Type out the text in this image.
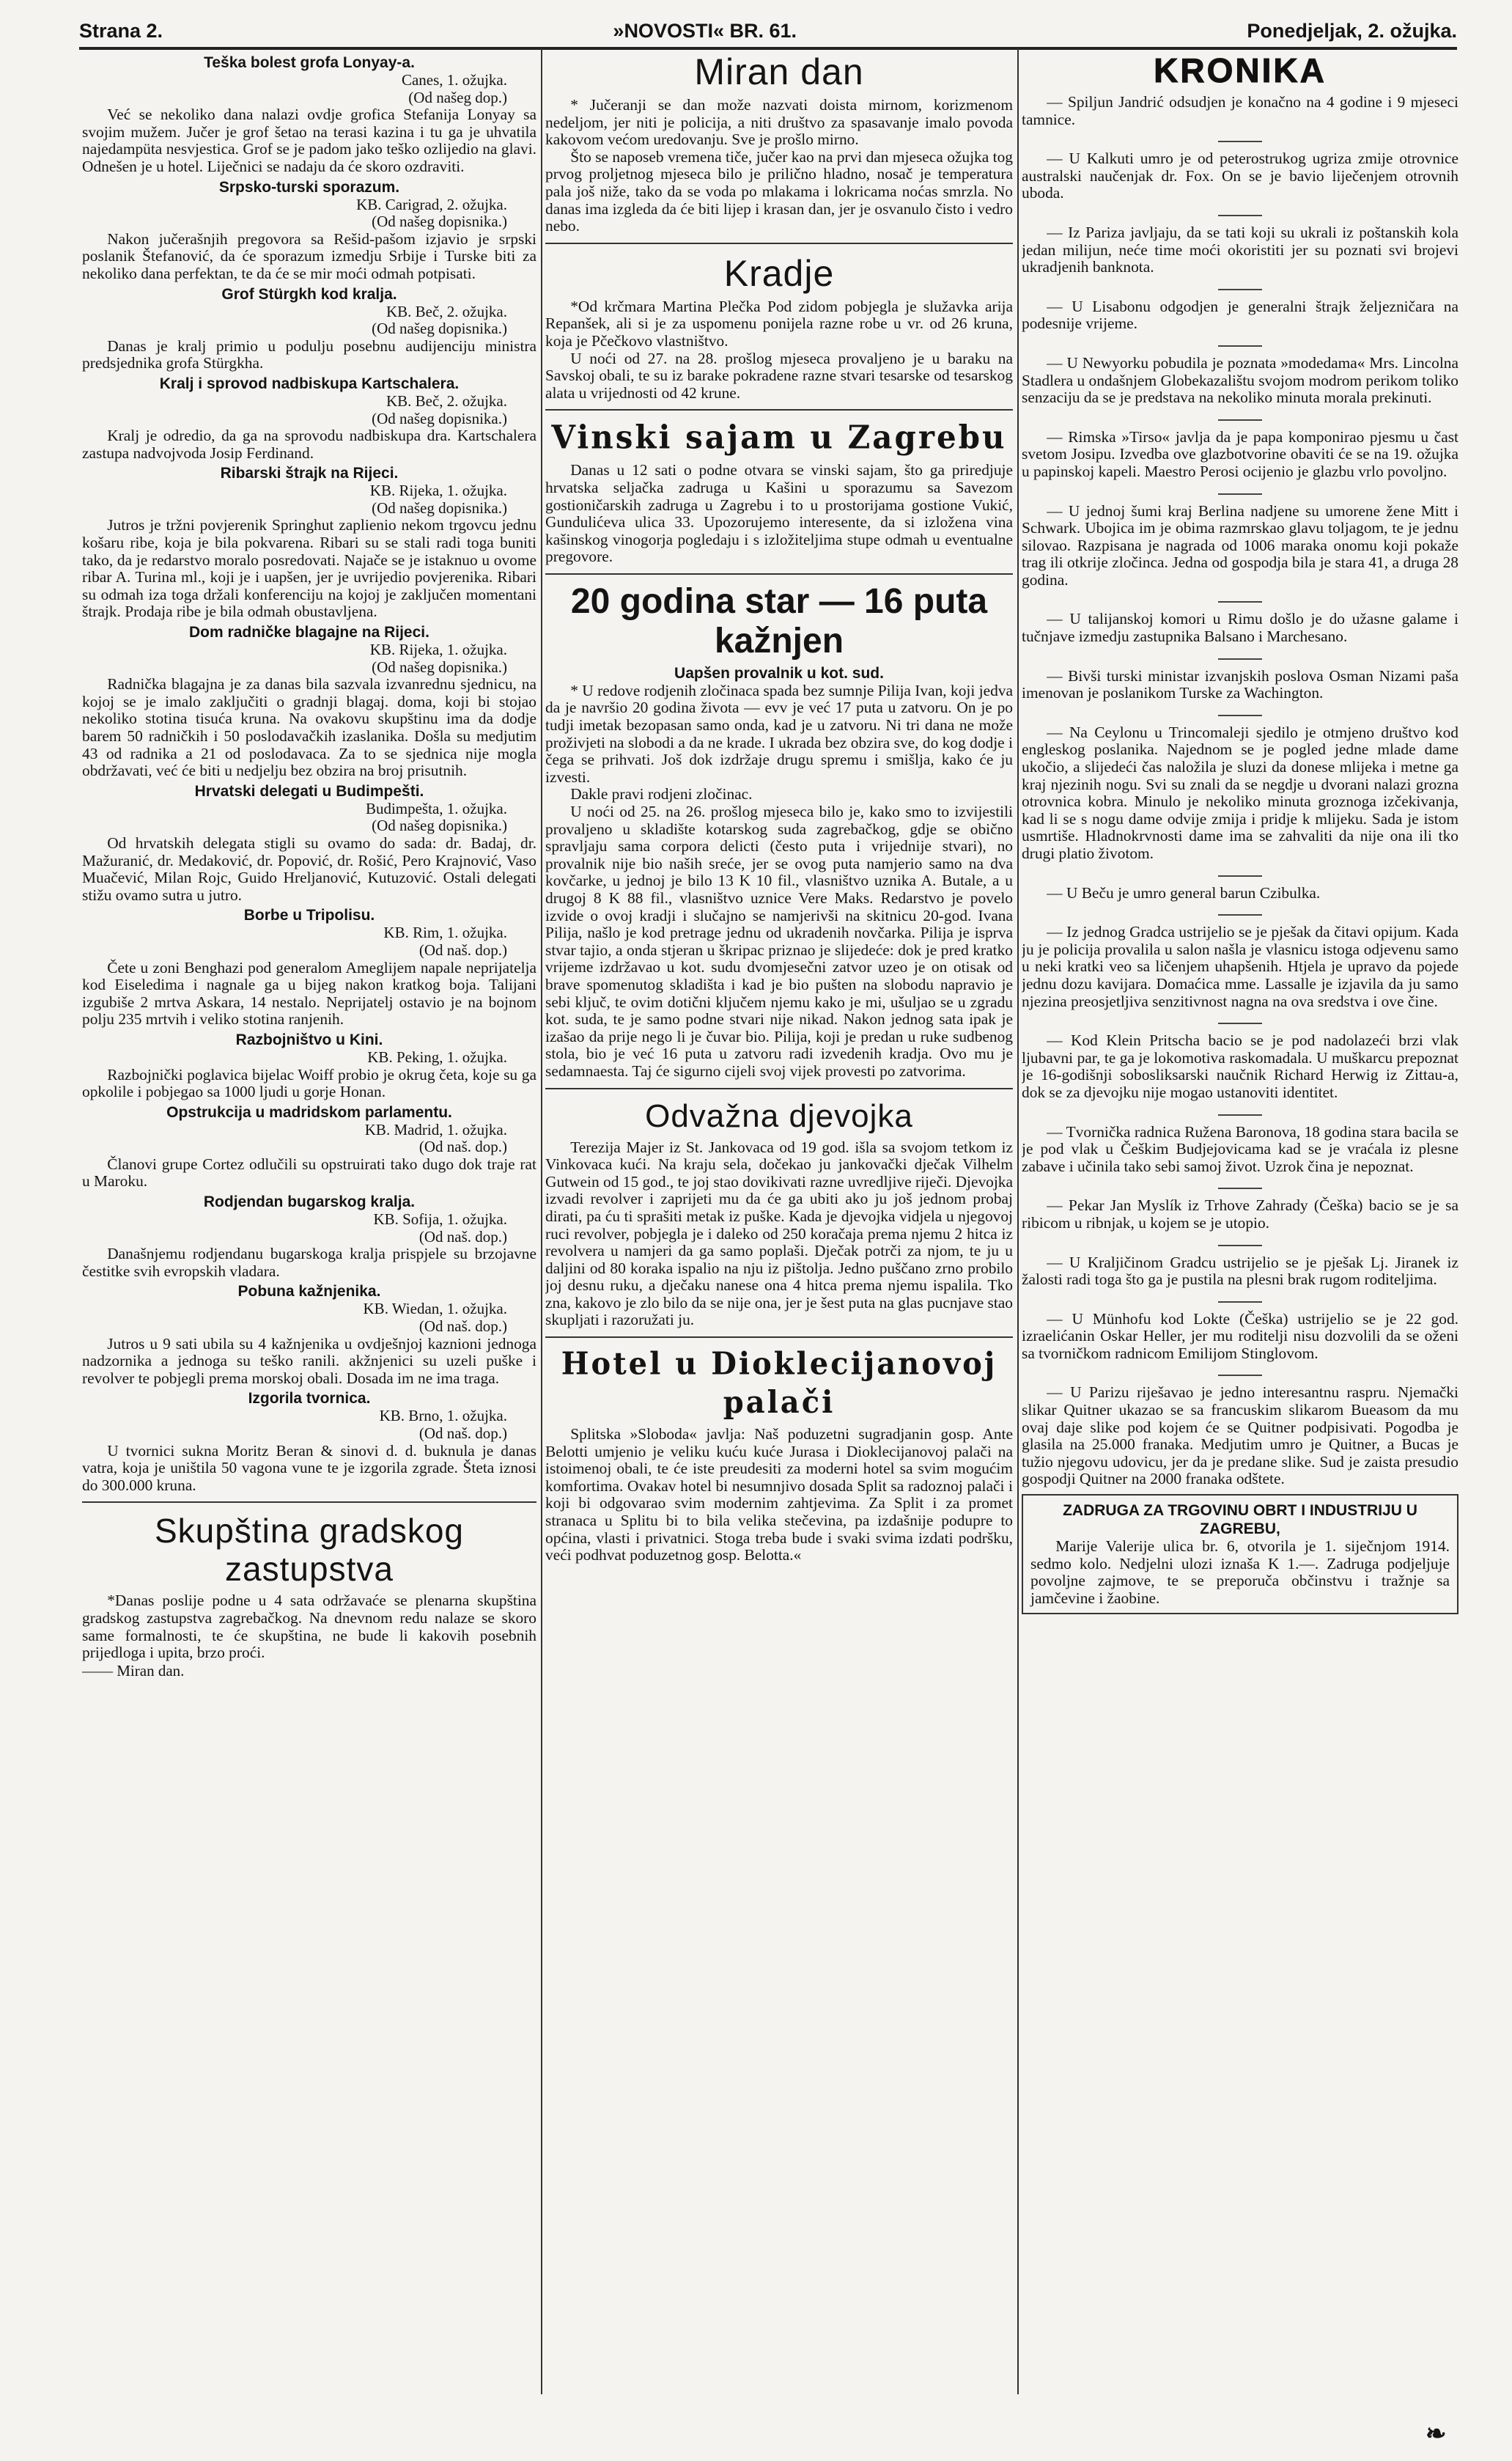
Strana 2.	»NOVOSTI« BR. 61.	Ponedjeljak, 2. ožujka.
Teška bolest grofa Lonyay-a.
Canes, 1. ožujka.
(Od našeg dop.)

Već se nekoliko dana nalazi ovdje grofica Stefanija Lonyay sa svojim mužem. Jučer je grof šetao na terasi kazina i tu ga je uhvatila najedampüta nesvjestica. Grof se je padom jako teško ozlijedio na glavi. Odnešen je u hotel. Liječnici se nadaju da će skoro ozdraviti.

Srpsko-turski sporazum.
KB. Carigrad, 2. ožujka.
(Od našeg dopisnika.)

Nakon jučerašnjih pregovora sa Rešid-pašom izjavio je srpski poslanik Štefanović, da će sporazum izmedju Srbije i Turske biti za nekoliko dana perfektan, te da će se mir moći odmah potpisati.

Grof Stürgkh kod kralja.
KB. Beč, 2. ožujka.
(Od našeg dopisnika.)

Danas je kralj primio u podulju posebnu audijenciju ministra predsjednika grofa Stürgkha.

Kralj i sprovod nadbiskupa Kartschalera.
KB. Beč, 2. ožujka.
(Od našeg dopisnika.)

Kralj je odredio, da ga na sprovodu nadbiskupa dra. Kartschalera zastupa nadvojvoda Josip Ferdinand.

Ribarski štrajk na Rijeci.
KB. Rijeka, 1. ožujka.
(Od našeg dopisnika.)

Jutros je tržni povjerenik Springhut zaplienio nekom trgovcu jednu košaru ribe, koja je bila pokvarena. Ribari su se stali radi toga buniti tako, da je redarstvo moralo posredovati. Najače se je istaknuo u ovome ribar A. Turina ml., koji je i uapšen, jer je uvrijedio povjerenika. Ribari su odmah iza toga držali konferenciju na kojoj je zaključen momentani štrajk. Prodaja ribe je bila odmah obustavljena.

Dom radničke blagajne na Rijeci.
KB. Rijeka, 1. ožujka.
(Od našeg dopisnika.)

Radnička blagajna je za danas bila sazvala izvanrednu sjednicu, na kojoj se je imalo zaključiti o gradnji blagaj. doma, koji bi stojao nekoliko stotina tisuća kruna. Na ovakovu skupštinu ima da dodje barem 50 radničkih i 50 poslodavačkih izaslanika. Došla su medjutim 43 od radnika a 21 od poslodavaca. Za to se sjednica nije mogla obdržavati, već će biti u nedjelju bez obzira na broj prisutnih.

Hrvatski delegati u Budimpešti.
Budimpešta, 1. ožujka.
(Od našeg dopisnika.)

Od hrvatskih delegata stigli su ovamo do sada: dr. Badaj, dr. Mažuranić, dr. Medaković, dr. Popović, dr. Rošić, Pero Krajnović, Vaso Muačević, Milan Rojc, Guido Hreljanović, Kutuzović. Ostali delegati stižu ovamo sutra u jutro.

Borbe u Tripolisu.
KB. Rim, 1. ožujka.
(Od naš. dop.)

Čete u zoni Benghazi pod generalom Ameglijem napale neprijatelja kod Eiseledima i nagnale ga u bijeg nakon kratkog boja. Talijani izgubiše 2 mrtva Askara, 14 nestalo. Neprijatelj ostavio je na bojnom polju 235 mrtvih i veliko stotina ranjenih.

Razbojništvo u Kini.
KB. Peking, 1. ožujka.

Razbojnički poglavica bijelac Woiff probio je okrug četa, koje su ga opkolile i pobjegao sa 1000 ljudi u gorje Honan.

Opstrukcija u madridskom parlamentu.
KB. Madrid, 1. ožujka.
(Od naš. dop.)

Članovi grupe Cortez odlučili su opstruirati tako dugo dok traje rat u Maroku.

Rodjendan bugarskog kralja.
KB. Sofija, 1. ožujka.
(Od naš. dop.)

Današnjemu rodjendanu bugarskoga kralja prispjele su brzojavne čestitke svih evropskih vladara.

Pobuna kažnjenika.
KB. Wiedan, 1. ožujka.
(Od naš. dop.)

Jutros u 9 sati ubila su 4 kažnjenika u ovdješnjoj kaznioni jednoga nadzornika a jednoga su teško ranili. akžnjenici su uzeli puške i revolver te pobjegli prema morskoj obali. Dosada im ne ima traga.

Izgorila tvornica.
KB. Brno, 1. ožujka.
(Od naš. dop.)

U tvornici sukna Moritz Beran & sinovi d. d. buknula je danas vatra, koja je uništila 50 vagona vune te je izgorila zgrade. Šteta iznosi do 300.000 kruna.

Skupština gradskog zastupstva

*Danas poslije podne u 4 sata održavaće se plenarna skupština gradskog zastupstva zagrebačkog. Na dnevnom redu nalaze se skoro same formalnosti, te će skupština, ne bude li kakovih posebnih prijedloga i upita, brzo proći.

—— Miran dan.
Miran dan

* Jučeranji se dan može nazvati doista mirnom, korizmenom nedeljom, jer niti je policija, a niti društvo za spasavanje imalo povoda kakovom većom uredovanju. Sve je prošlo mirno.

Što se naposeb vremena tiče, jučer kao na prvi dan mjeseca ožujka tog prvog proljetnog mjeseca bilo je prilično hladno, nosač je temperatura pala još niže, tako da se voda po mlakama i lokricama noćas smrzla. No danas ima izgleda da će biti lijep i krasan dan, jer je osvanulo čisto i vedro nebo.

Kradje

*Od krčmara Martina Plečka Pod zidom pobjegla je služavka arija Repanšek, ali si je za uspomenu ponijela razne robe u vr. od 26 kruna, koja je Pčečkovo vlastništvo.

U noći od 27. na 28. prošlog mjeseca provaljeno je u baraku na Savskoj obali, te su iz barake pokradene razne stvari tesarske od tesarskog alata u vrijednosti od 42 krune.

Vinski sajam u Zagrebu

Danas u 12 sati o podne otvara se vinski sajam, što ga priredjuje hrvatska seljačka zadruga u Kašini u sporazumu sa Savezom gostioničarskih zadruga u Zagrebu i to u prostorijama gostione Vukić, Gundulićeva ulica 33. Upozorujemo interesente, da si izložena vina kašinskog vinogorja pogledaju i s izložiteljima stupe odmah u eventualne pregovore.

20 godina star — 16 puta kažnjen
Uapšen provalnik u kot. sud.

* U redove rodjenih zločinaca spada bez sumnje Pilija Ivan, koji jedva da je navršio 20 godina života — evv je već 17 puta u zatvoru. On je po tudji imetak bezopasan samo onda, kad je u zatvoru. Ni tri dana ne može proživjeti na slobodi a da ne krade. I ukrada bez obzira sve, do kog dodje i čega se prihvati. Još dok izdržaje drugu spremu i smišlja, kako će ju izvesti.

Dakle pravi rodjeni zločinac.

U noći od 25. na 26. prošlog mjeseca bilo je, kako smo to izvijestili provaljeno u skladište kotarskog suda zagrebačkog, gdje se obično spravljaju sama corpora delicti (često puta i vrijednije stvari), no provalnik nije bio naših sreće, jer se ovog puta namjerio samo na dva kovčarke, u jednoj je bilo 13 K 10 fil., vlasništvo uznika A. Butale, a u drugoj 8 K 88 fil., vlasništvo uznice Vere Maks. Redarstvo je povelo izvide o ovoj kradji i slučajno se namjerivši na skitnicu 20-god. Ivana Pilija, našlo je kod pretrage jednu od ukradenih novčarka. Pilija je isprva stvar tajio, a onda stjeran u škripac priznao je slijedeće: dok je pred kratko vrijeme izdržavao u kot. sudu dvomjesečni zatvor uzeo je on otisak od brave spomenutog skladišta i kad je bio pušten na slobodu napravio je sebi ključ, te ovim dotični ključem njemu kako je mi, ušuljao se u zgradu kot. suda, te je samo podne stvari nije nikad. Nakon jednog sata ipak je izašao da prije nego li je čuvar bio. Pilija, koji je predan u ruke sudbenog stola, bio je već 16 puta u zatvoru radi izvedenih kradja. Ovo mu je sedamnaesta. Taj će sigurno cijeli svoj vijek provesti po zatvorima.

Odvažna djevojka

Terezija Majer iz St. Jankovaca od 19 god. išla sa svojom tetkom iz Vinkovaca kući. Na kraju sela, dočekao ju jankovački dječak Vilhelm Gutwein od 15 god., te joj stao dovikivati razne uvredljive riječi. Djevojka izvadi revolver i zaprijeti mu da će ga ubiti ako ju još jednom probaj dirati, pa ću ti sprašiti metak iz puške. Kada je djevojka vidjela u njegovoj ruci revolver, pobjegla je i daleko od 250 koračaja prema njemu 2 hitca iz revolvera u namjeri da ga samo poplaši. Dječak potrči za njom, te ju u daljini od 80 koraka ispalio na nju iz pištolja. Jedno puščano zrno probilo joj desnu ruku, a dječaku nanese ona 4 hitca prema njemu ispalila. Tko zna, kakovo je zlo bilo da se nije ona, jer je šest puta na glas pucnjave stao skupljati i razoružati ju.

Hotel u Dioklecijanovoj palači

Splitska »Sloboda« javlja: Naš poduzetni sugradjanin gosp. Ante Belotti umjenio je veliku kuću kuće Jurasa i Dioklecijanovoj palači na istoimenoj obali, te će iste preudesiti za moderni hotel sa svim mogućim komfortima. Ovakav hotel bi nesumnjivo dosada Split sa radoznoj palači i koji bi odgovarao svim modernim zahtjevima. Za Split i za promet stranaca u Splitu bi to bila velika stečevina, pa izdašnije podupre to općina, vlasti i privatnici. Stoga treba bude i svaki svima izdati podršku, veći podhvat poduzetnog gosp. Belotta.«

KRONIKA

— Spiljun Jandrić odsudjen je konačno na 4 godine i 9 mjeseci tamnice.

— U Kalkuti umro je od peterostrukog ugriza zmije otrovnice australski naučenjak dr. Fox. On se je bavio liječenjem otrovnih uboda.

— Iz Pariza javljaju, da se tati koji su ukrali iz poštanskih kola jedan milijun, neće time moći okoristiti jer su poznati svi brojevi ukradjenih banknota.

— U Lisabonu odgodjen je generalni štrajk željezničara na podesnije vrijeme.

— U Newyorku pobudila je poznata »modedama« Mrs. Lincolna Stadlera u ondašnjem Globekazalištu svojom modrom perikom toliko senzaciju da se je predstava na nekoliko minuta morala prekinuti.

— Rimska »Tirso« javlja da je papa komponirao pjesmu u čast svetom Josipu. Izvedba ove glazbotvorine obaviti će se na 19. ožujka u papinskoj kapeli. Maestro Perosi ocijenio je glazbu vrlo povoljno.

— U jednoj šumi kraj Berlina nadjene su umorene žene Mitt i Schwark. Ubojica im je obima razmrskao glavu toljagom, te je jednu silovao. Razpisana je nagrada od 1006 maraka onomu koji pokaže trag ili otkrije zločinca. Jedna od gospodja bila je stara 41, a druga 28 godina.

— U talijanskoj komori u Rimu došlo je do užasne galame i tučnjave izmedju zastupnika Balsano i Marchesano.

— Bivši turski ministar izvanjskih poslova Osman Nizami paša imenovan je poslanikom Turske za Wachington.

— Na Ceylonu u Trincomaleji sjedilo je otmjeno društvo kod engleskog poslanika. Najednom se je pogled jedne mlade dame ukočio, a slijedeći čas naložila je sluzi da donese mlijeka i metne ga kraj njezinih nogu. Svi su znali da se negdje u dvorani nalazi grozna otrovnica kobra. Minulo je nekoliko minuta groznoga izčekivanja, kad li se s nogu dame odvije zmija i pridje k mlijeku. Sada je istom usmrtiše. Hladnokrvnosti dame ima se zahvaliti da nije ona ili tko drugi platio životom.

— U Beču je umro general barun Czibulka.

— Iz jednog Gradca ustrijelio se je pješak da čitavi opijum. Kada ju je policija provalila u salon našla je vlasnicu istoga odjevenu samo u neki kratki veo sa ličenjem uhapšenih. Htjela je upravo da pojede jednu dozu kavijara. Domaćica mme. Lassalle je izjavila da ju samo njezina preosjetljiva senzitivnost nagna na ova sredstva i ove čine.

— Kod Klein Pritscha bacio se je pod nadolazeći brzi vlak ljubavni par, te ga je lokomotiva raskomadala. U muškarcu prepoznat je 16-godišnji sobosliksarski naučnik Richard Herwig iz Zittau-a, dok se za djevojku nije mogao ustanoviti identitet.

— Tvornička radnica Ružena Baronova, 18 godina stara bacila se je pod vlak u Češkim Budjejovicama kad se je vraćala iz plesne zabave i učinila tako sebi samoj život. Uzrok čina je nepoznat.

— Pekar Jan Myslík iz Trhove Zahrady (Češka) bacio se je sa ribicom u ribnjak, u kojem se je utopio.

— U Kraljičinom Gradcu ustrijelio se je pješak Lj. Jiranek iz žalosti radi toga što ga je pustila na plesni brak rugom roditeljima.

— U Münhofu kod Lokte (Češka) ustrijelio se je 22 god. izraelićanin Oskar Heller, jer mu roditelji nisu dozvolili da se oženi sa tvorničkom radnicom Emilijom Stinglovom.

— U Parizu riješavao je jedno interesantnu raspru. Njemački slikar Quitner ukazao se sa francuskim slikarom Bueasom da mu ovaj daje slike pod kojem će se Quitner podpisivati. Pogodba je glasila na 25.000 franaka. Medjutim umro je Quitner, a Bucas je tužio njegovu udovicu, jer da je predane slike. Sud je zaista presudio gospodji Quitner na 2000 franaka odštete.

ZADRUGA ZA TRGOVINU OBRT I INDUSTRIJU U ZAGREBU,

Marije Valerije ulica br. 6, otvorila je 1. siječnjom 1914. sedmo kolo. Nedjelni ulozi iznaša K 1.—. Zadruga podjeljuje povoljne zajmove, te se preporuča občinstvu i tražnje sa jamčevine i žaobine.

❧
